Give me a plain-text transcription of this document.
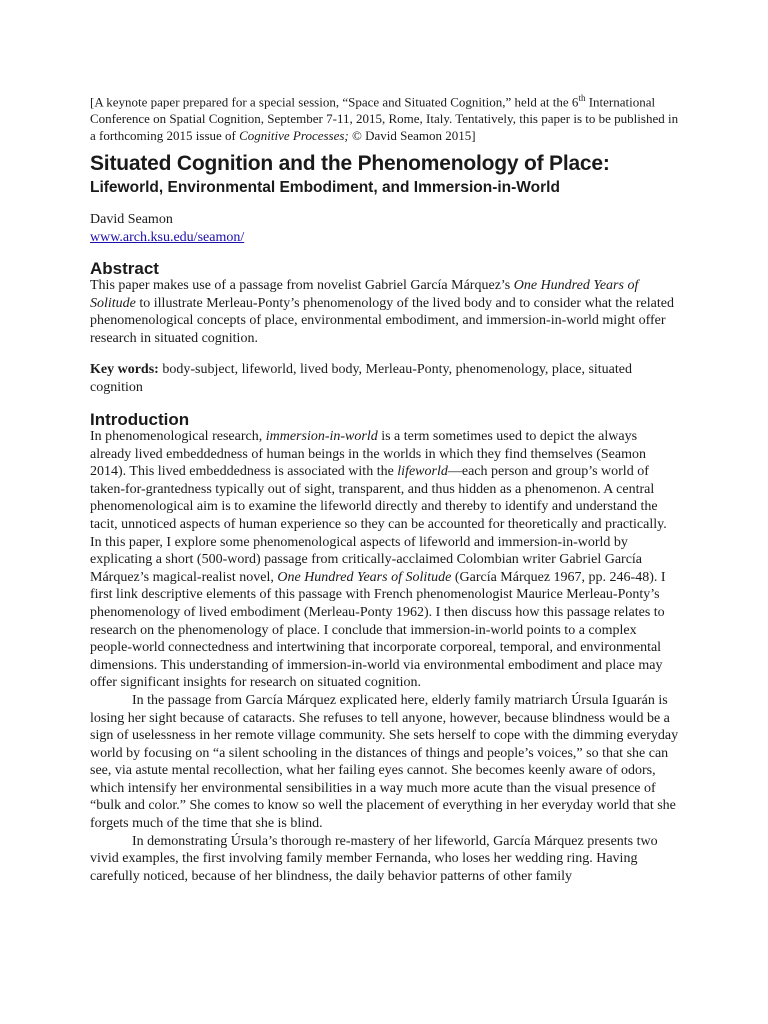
[A keynote paper prepared for a special session, “Space and Situated Cognition,” held at the 6th International Conference on Spatial Cognition, September 7-11, 2015, Rome, Italy. Tentatively, this paper is to be published in a forthcoming 2015 issue of Cognitive Processes; © David Seamon 2015]
Situated Cognition and the Phenomenology of Place:
Lifeworld, Environmental Embodiment, and Immersion-in-World
David Seamon
www.arch.ksu.edu/seamon/
Abstract
This paper makes use of a passage from novelist Gabriel García Márquez’s One Hundred Years of Solitude to illustrate Merleau-Ponty’s phenomenology of the lived body and to consider what the related phenomenological concepts of place, environmental embodiment, and immersion-in-world might offer research in situated cognition.
Key words: body-subject, lifeworld, lived body, Merleau-Ponty, phenomenology, place, situated cognition
Introduction

In phenomenological research, immersion-in-world is a term sometimes used to depict the always already lived embeddedness of human beings in the worlds in which they find themselves (Seamon 2014). This lived embeddedness is associated with the lifeworld—each person and group’s world of taken-for-grantedness typically out of sight, transparent, and thus hidden as a phenomenon. A central phenomenological aim is to examine the lifeworld directly and thereby to identify and understand the tacit, unnoticed aspects of human experience so they can be accounted for theoretically and practically. In this paper, I explore some phenomenological aspects of lifeworld and immersion-in-world by explicating a short (500-word) passage from critically-acclaimed Colombian writer Gabriel García Márquez’s magical-realist novel, One Hundred Years of Solitude (García Márquez 1967, pp. 246-48). I first link descriptive elements of this passage with French phenomenologist Maurice Merleau-Ponty’s phenomenology of lived embodiment (Merleau-Ponty 1962). I then discuss how this passage relates to research on the phenomenology of place. I conclude that immersion-in-world points to a complex people-world connectedness and intertwining that incorporate corporeal, temporal, and environmental dimensions. This understanding of immersion-in-world via environmental embodiment and place may offer significant insights for research on situated cognition.

In the passage from García Márquez explicated here, elderly family matriarch Úrsula Iguarán is losing her sight because of cataracts. She refuses to tell anyone, however, because blindness would be a sign of uselessness in her remote village community. She sets herself to cope with the dimming everyday world by focusing on “a silent schooling in the distances of things and people’s voices,” so that she can see, via astute mental recollection, what her failing eyes cannot. She becomes keenly aware of odors, which intensify her environmental sensibilities in a way much more acute than the visual presence of “bulk and color.” She comes to know so well the placement of everything in her everyday world that she forgets much of the time that she is blind.

In demonstrating Úrsula’s thorough re-mastery of her lifeworld, García Márquez presents two vivid examples, the first involving family member Fernanda, who loses her wedding ring. Having carefully noticed, because of her blindness, the daily behavior patterns of other family
